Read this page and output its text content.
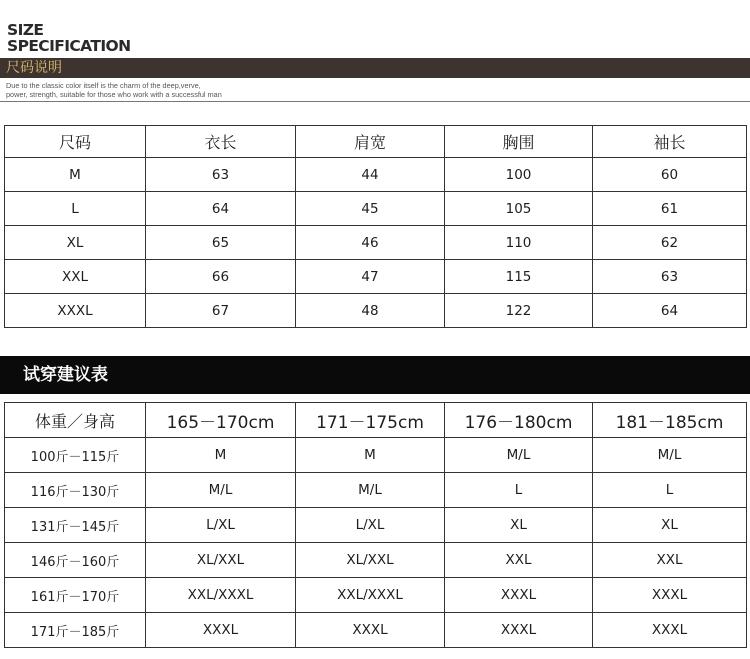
SIZE
SPECIFICATION
尺码说明
Due to the classic color itself is the charm of the deep,verve,
power, strength, suitable for those who work with a successful man
尺码	衣长	肩宽	胸围	袖长
M	63	44	100	60
L	64	45	105	61
XL	65	46	110	62
XXL	66	47	115	63
XXXL	67	48	122	64
试穿建议表
体重／身高	165－170cm	171－175cm	176－180cm	181－185cm
100斤－115斤	M	M	M/L	M/L
116斤－130斤	M/L	M/L	L	L
131斤－145斤	L/XL	L/XL	XL	XL
146斤－160斤	XL/XXL	XL/XXL	XXL	XXL
161斤－170斤	XXL/XXXL	XXL/XXXL	XXXL	XXXL
171斤－185斤	XXXL	XXXL	XXXL	XXXL
